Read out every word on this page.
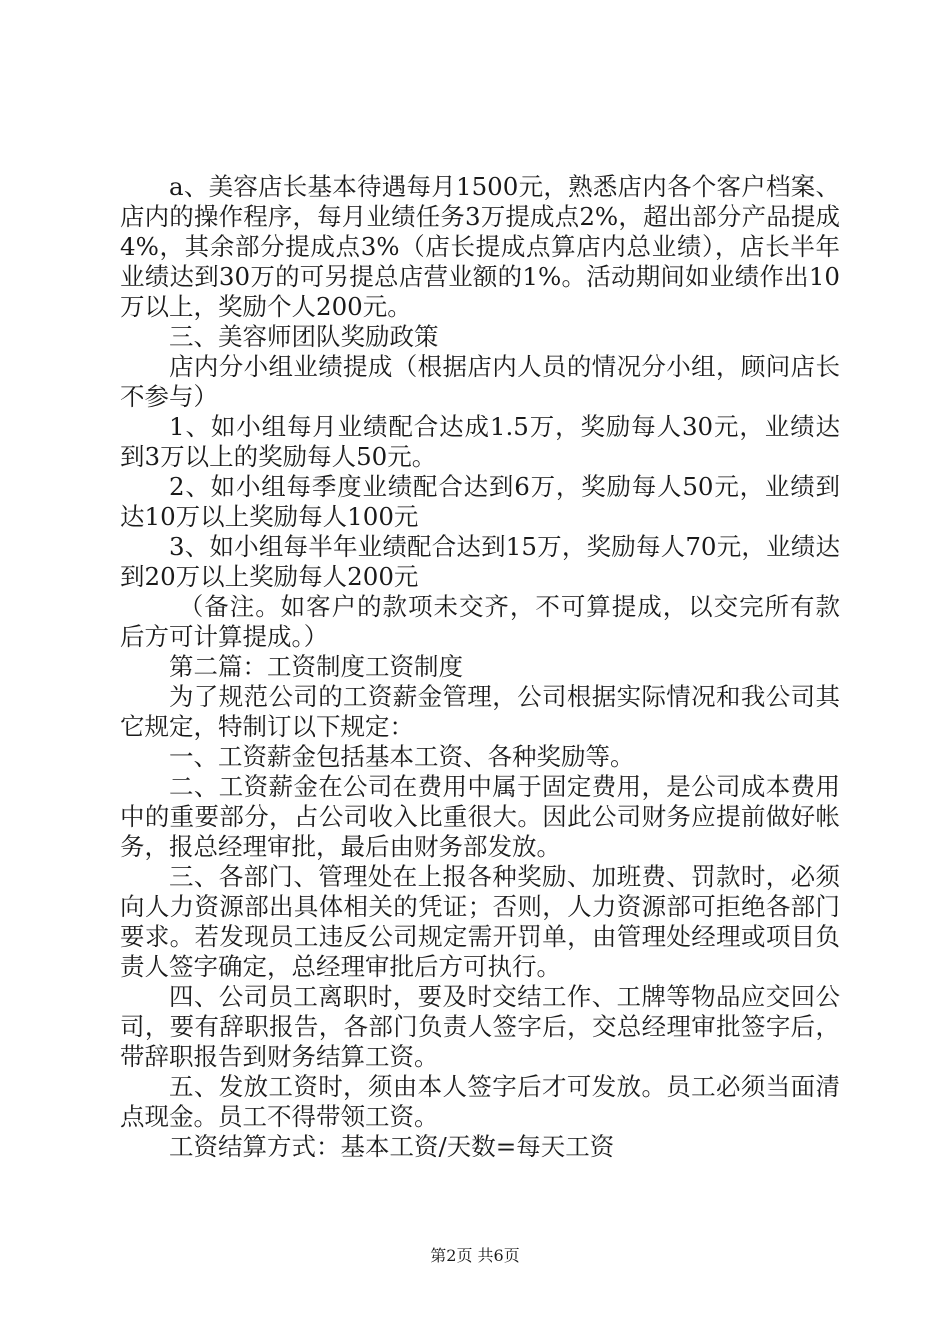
a、美容店长基本待遇每月1500元，熟悉店内各个客户档案、店内的操作程序，每月业绩任务3万提成点2%，超出部分产品提成4%，其余部分提成点3%（店长提成点算店内总业绩），店长半年业绩达到30万的可另提总店营业额的1%。活动期间如业绩作出10万以上，奖励个人200元。

三、美容师团队奖励政策

店内分小组业绩提成（根据店内人员的情况分小组，顾问店长不参与）

1、如小组每月业绩配合达成1.5万，奖励每人30元，业绩达到3万以上的奖励每人50元。

2、如小组每季度业绩配合达到6万，奖励每人50元，业绩到达10万以上奖励每人100元

3、如小组每半年业绩配合达到15万，奖励每人70元，业绩达到20万以上奖励每人200元

（备注。如客户的款项未交齐，不可算提成，以交完所有款后方可计算提成。）

第二篇：工资制度工资制度

为了规范公司的工资薪金管理，公司根据实际情况和我公司其它规定，特制订以下规定：

一、工资薪金包括基本工资、各种奖励等。

二、工资薪金在公司在费用中属于固定费用，是公司成本费用中的重要部分，占公司收入比重很大。因此公司财务应提前做好帐务，报总经理审批，最后由财务部发放。

三、各部门、管理处在上报各种奖励、加班费、罚款时，必须向人力资源部出具体相关的凭证；否则，人力资源部可拒绝各部门要求。若发现员工违反公司规定需开罚单，由管理处经理或项目负责人签字确定，总经理审批后方可执行。

四、公司员工离职时，要及时交结工作、工牌等物品应交回公司，要有辞职报告，各部门负责人签字后，交总经理审批签字后，带辞职报告到财务结算工资。

五、发放工资时，须由本人签字后才可发放。员工必须当面清点现金。员工不得带领工资。

工资结算方式：基本工资/天数=每天工资

第2页 共6页
